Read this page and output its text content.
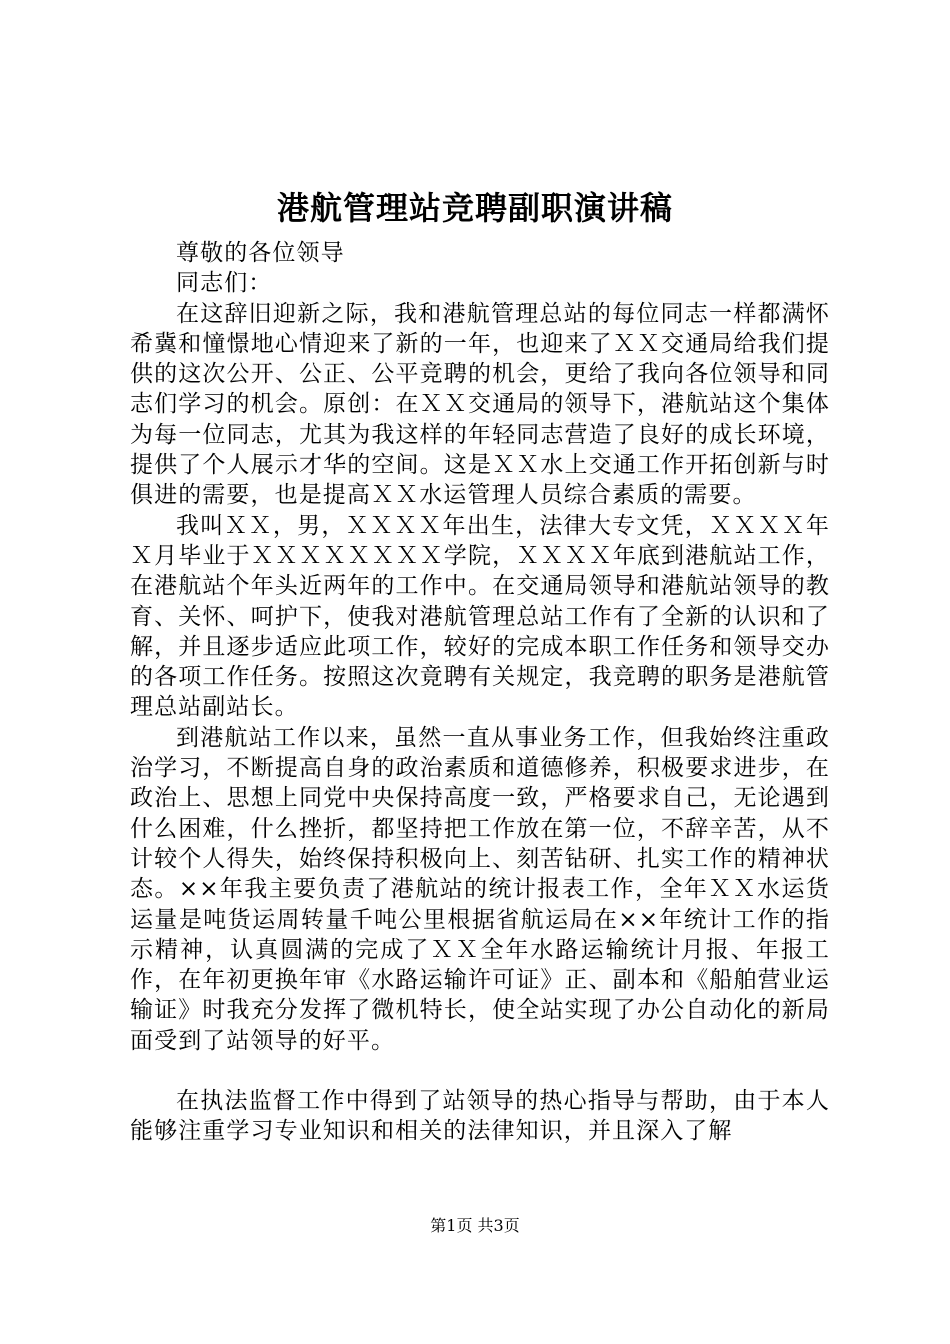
港航管理站竞聘副职演讲稿

尊敬的各位领导

同志们：

在这辞旧迎新之际，我和港航管理总站的每位同志一样都满怀希冀和憧憬地心情迎来了新的一年，也迎来了ＸＸ交通局给我们提供的这次公开、公正、公平竞聘的机会，更给了我向各位领导和同志们学习的机会。原创：在ＸＸ交通局的领导下，港航站这个集体为每一位同志，尤其为我这样的年轻同志营造了良好的成长环境，提供了个人展示才华的空间。这是ＸＸ水上交通工作开拓创新与时俱进的需要，也是提高ＸＸ水运管理人员综合素质的需要。

我叫ＸＸ，男，ＸＸＸＸ年出生，法律大专文凭，ＸＸＸＸ年Ｘ月毕业于ＸＸＸＸＸＸＸＸ学院，ＸＸＸＸ年底到港航站工作，在港航站个年头近两年的工作中。在交通局领导和港航站领导的教育、关怀、呵护下，使我对港航管理总站工作有了全新的认识和了解，并且逐步适应此项工作，较好的完成本职工作任务和领导交办的各项工作任务。按照这次竟聘有关规定，我竞聘的职务是港航管理总站副站长。

到港航站工作以来，虽然一直从事业务工作，但我始终注重政治学习，不断提高自身的政治素质和道德修养，积极要求进步，在政治上、思想上同党中央保持高度一致，严格要求自己，无论遇到什么困难，什么挫折，都坚持把工作放在第一位，不辞辛苦，从不计较个人得失，始终保持积极向上、刻苦钻研、扎实工作的精神状态。××年我主要负责了港航站的统计报表工作，全年ＸＸ水运货运量是吨货运周转量千吨公里根据省航运局在××年统计工作的指示精神，认真圆满的完成了ＸＸ全年水路运输统计月报、年报工作，在年初更换年审《水路运输许可证》正、副本和《船舶营业运输证》时我充分发挥了微机特长，使全站实现了办公自动化的新局面受到了站领导的好平。

在执法监督工作中得到了站领导的热心指导与帮助，由于本人能够注重学习专业知识和相关的法律知识，并且深入了解

第1页 共3页
